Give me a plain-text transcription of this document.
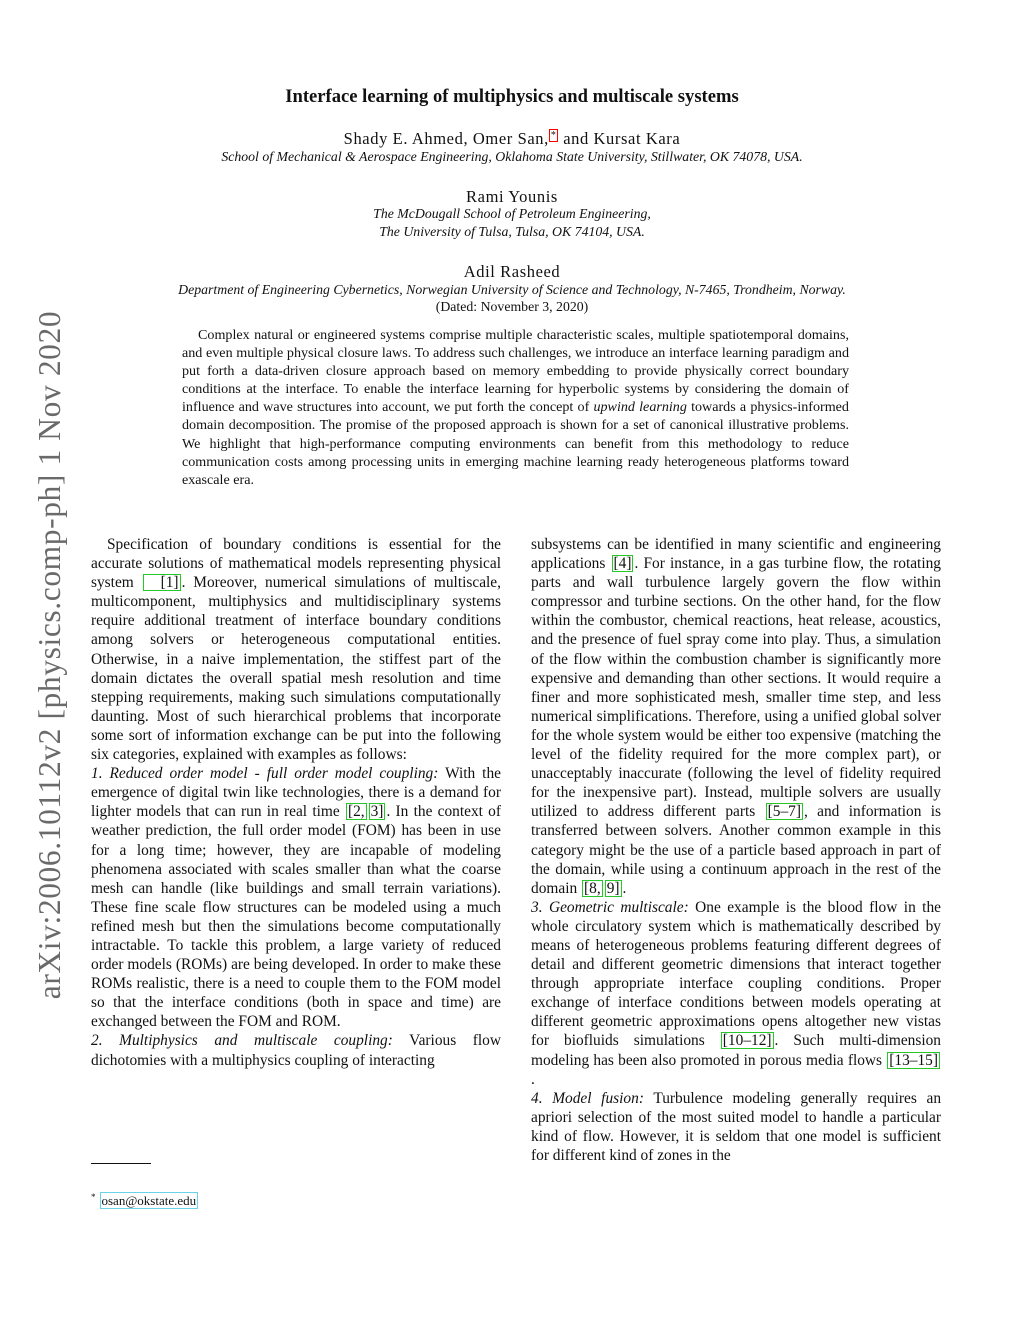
arXiv:2006.10112v2 [physics.comp-ph] 1 Nov 2020
Interface learning of multiphysics and multiscale systems
Shady E. Ahmed, Omer San, * and Kursat Kara
School of Mechanical & Aerospace Engineering, Oklahoma State University, Stillwater, OK 74078, USA.
Rami Younis
The McDougall School of Petroleum Engineering,
The University of Tulsa, Tulsa, OK 74104, USA.
Adil Rasheed
Department of Engineering Cybernetics, Norwegian University of Science and Technology, N-7465, Trondheim, Norway.
(Dated: November 3, 2020)

Complex natural or engineered systems comprise multiple characteristic scales, multiple spatiotemporal domains, and even multiple physical closure laws. To address such challenges, we introduce an interface learning paradigm and put forth a data-driven closure approach based on memory embedding to provide physically correct boundary conditions at the interface. To enable the interface learning for hyperbolic systems by considering the domain of influence and wave structures into account, we put forth the concept of upwind learning towards a physics-informed domain decomposition. The promise of the proposed approach is shown for a set of canonical illustrative problems. We highlight that high-performance computing environments can benefit from this methodology to reduce communication costs among processing units in emerging machine learning ready heterogeneous platforms toward exascale era.

Specification of boundary conditions is essential for the accurate solutions of mathematical models representing physical system [1] . Moreover, numerical simulations of multiscale, multicomponent, multiphysics and multidisciplinary systems require additional treatment of interface boundary conditions among solvers or heterogeneous computational entities. Otherwise, in a naive implementation, the stiffest part of the domain dictates the overall spatial mesh resolution and time stepping requirements, making such simulations computationally daunting. Most of such hierarchical problems that incorporate some sort of information exchange can be put into the following six categories, explained with examples as follows:

1. Reduced order model - full order model coupling: With the emergence of digital twin like technologies, there is a demand for lighter models that can run in real time [2, 3] . In the context of weather prediction, the full order model (FOM) has been in use for a long time; however, they are incapable of modeling phenomena associated with scales smaller than what the coarse mesh can handle (like buildings and small terrain variations). These fine scale flow structures can be modeled using a much refined mesh but then the simulations become computationally intractable. To tackle this problem, a large variety of reduced order models (ROMs) are being developed. In order to make these ROMs realistic, there is a need to couple them to the FOM model so that the interface conditions (both in space and time) are exchanged between the FOM and ROM.

2. Multiphysics and multiscale coupling: Various flow dichotomies with a multiphysics coupling of interacting

subsystems can be identified in many scientific and engineering applications [4] . For instance, in a gas turbine flow, the rotating parts and wall turbulence largely govern the flow within compressor and turbine sections. On the other hand, for the flow within the combustor, chemical reactions, heat release, acoustics, and the presence of fuel spray come into play. Thus, a simulation of the flow within the combustion chamber is significantly more expensive and demanding than other sections. It would require a finer and more sophisticated mesh, smaller time step, and less numerical simplifications. Therefore, using a unified global solver for the whole system would be either too expensive (matching the level of the fidelity required for the more complex part), or unacceptably inaccurate (following the level of fidelity required for the inexpensive part). Instead, multiple solvers are usually utilized to address different parts [5–7] , and information is transferred between solvers. Another common example in this category might be the use of a particle based approach in part of the domain, while using a continuum approach in the rest of the domain [8, 9] .

3. Geometric multiscale: One example is the blood flow in the whole circulatory system which is mathematically described by means of heterogeneous problems featuring different degrees of detail and different geometric dimensions that interact together through appropriate interface coupling conditions. Proper exchange of interface conditions between models operating at different geometric approximations opens altogether new vistas for biofluids simulations [10–12] . Such multi-dimension modeling has been also promoted in porous media flows [13–15].

4. Model fusion: Turbulence modeling generally requires an apriori selection of the most suited model to handle a particular kind of flow. However, it is seldom that one model is sufficient for different kind of zones in the

* osan@okstate.edu
